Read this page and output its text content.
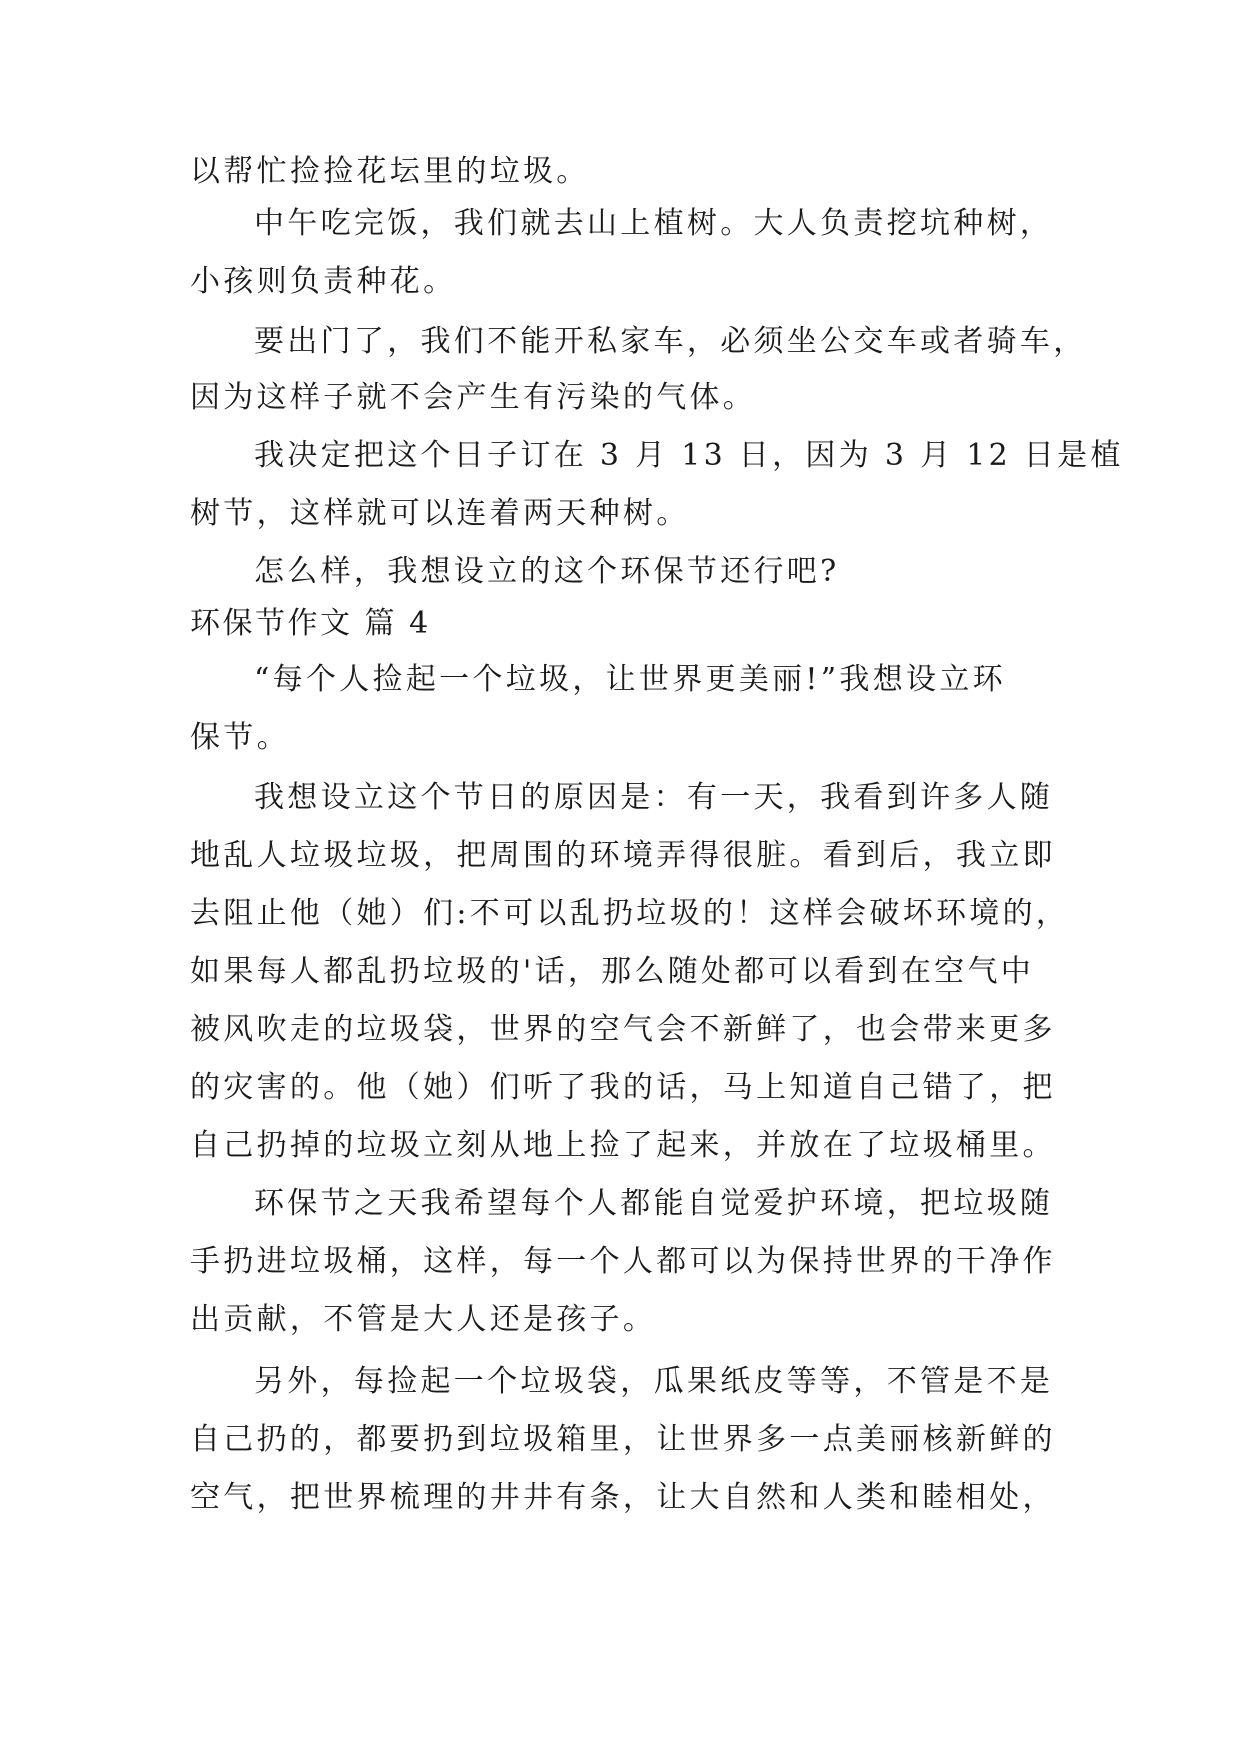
以帮忙捡捡花坛里的垃圾。
中午吃完饭，我们就去山上植树。大人负责挖坑种树，
小孩则负责种花。
要出门了，我们不能开私家车，必须坐公交车或者骑车，
因为这样子就不会产生有污染的气体。
我决定把这个日子订在 3 月 13 日，因为 3 月 12 日是植
树节，这样就可以连着两天种树。
怎么样，我想设立的这个环保节还行吧?
环保节作文 篇 4
“每个人捡起一个垃圾，让世界更美丽!”我想设立环
保节。
我想设立这个节日的原因是：有一天，我看到许多人随
地乱人垃圾垃圾，把周围的环境弄得很脏。看到后，我立即
去阻止他（她）们:不可以乱扔垃圾的！这样会破坏环境的，
如果每人都乱扔垃圾的'话，那么随处都可以看到在空气中
被风吹走的垃圾袋，世界的空气会不新鲜了，也会带来更多
的灾害的。他（她）们听了我的话，马上知道自己错了，把
自己扔掉的垃圾立刻从地上捡了起来，并放在了垃圾桶里。
环保节之天我希望每个人都能自觉爱护环境，把垃圾随
手扔进垃圾桶，这样，每一个人都可以为保持世界的干净作
出贡献，不管是大人还是孩子。
另外，每捡起一个垃圾袋，瓜果纸皮等等，不管是不是
自己扔的，都要扔到垃圾箱里，让世界多一点美丽核新鲜的
空气，把世界梳理的井井有条，让大自然和人类和睦相处，
